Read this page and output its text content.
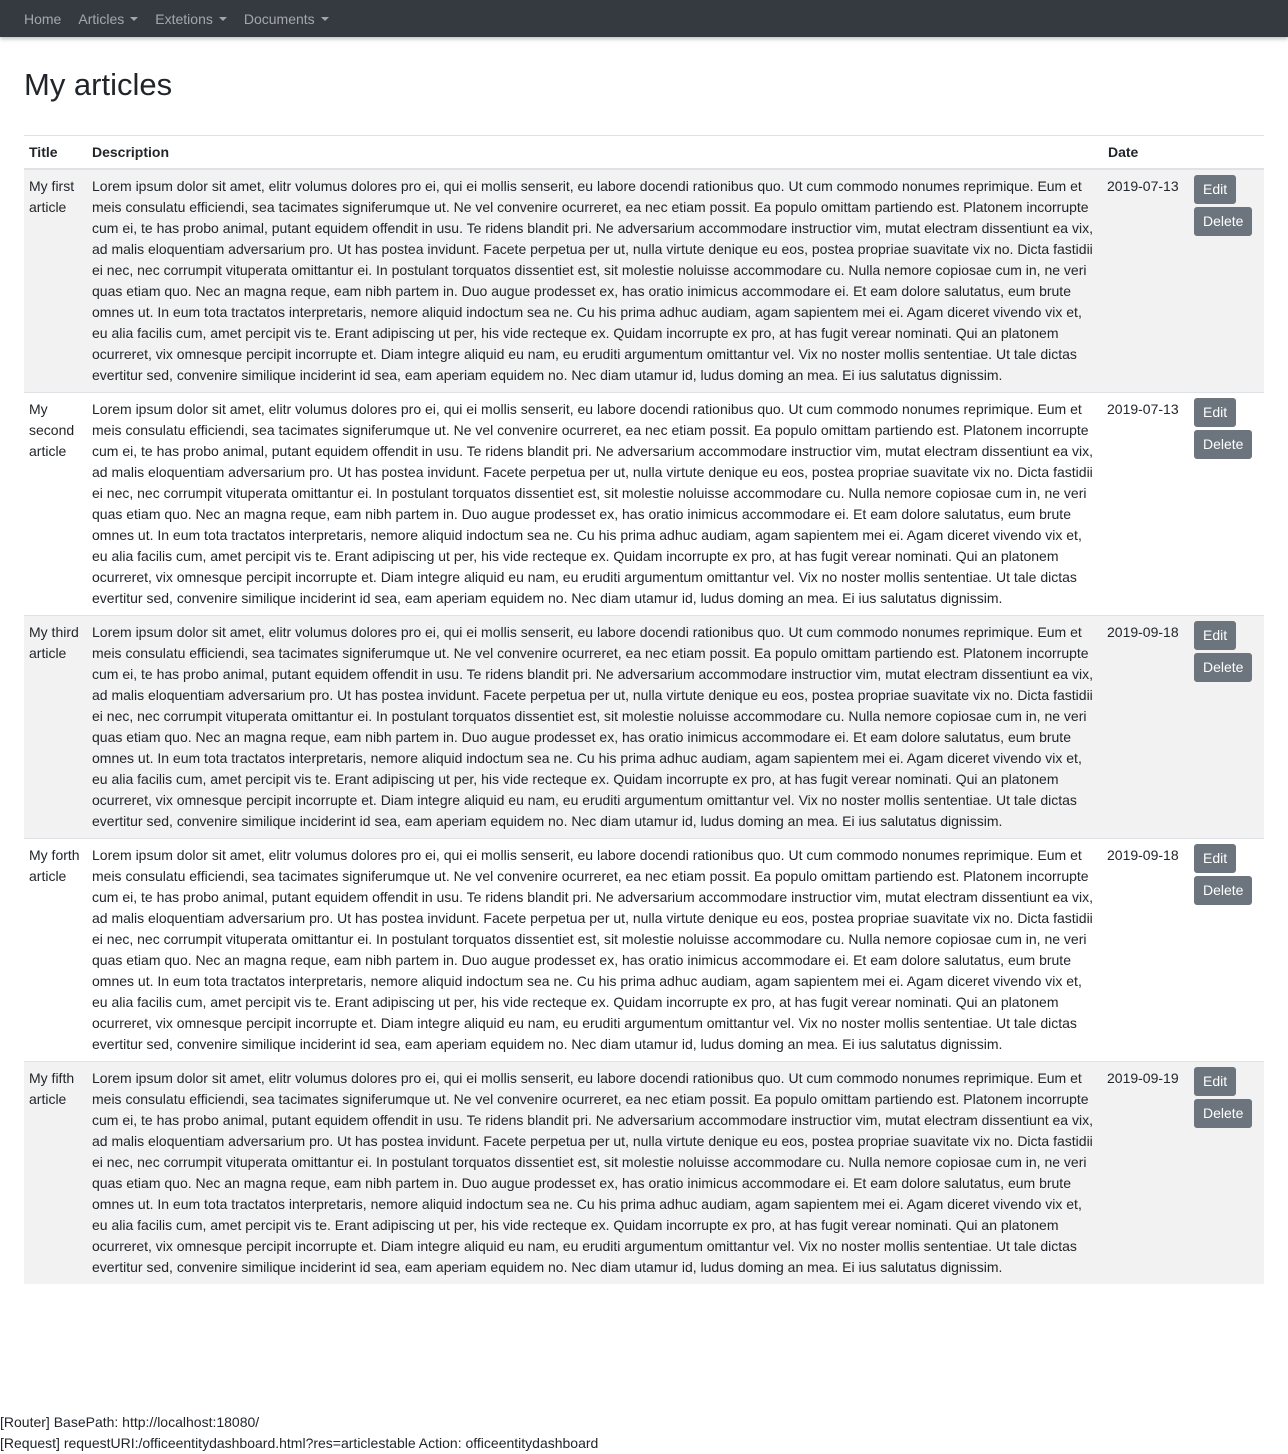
Home Articles Extetions Documents
My articles
Title	Description	Date	
My first article	Lorem ipsum dolor sit amet, elitr volumus dolores pro ei, qui ei mollis senserit, eu labore docendi rationibus quo. Ut cum commodo nonumes reprimique. Eum et meis consulatu efficiendi, sea tacimates signiferumque ut. Ne vel convenire ocurreret, ea nec etiam possit. Ea populo omittam partiendo est. Platonem incorrupte cum ei, te has probo animal, putant equidem offendit in usu. Te ridens blandit pri. Ne adversarium accommodare instructior vim, mutat electram dissentiunt ea vix, ad malis eloquentiam adversarium pro. Ut has postea invidunt. Facete perpetua per ut, nulla virtute denique eu eos, postea propriae suavitate vix no. Dicta fastidii ei nec, nec corrumpit vituperata omittantur ei. In postulant torquatos dissentiet est, sit molestie noluisse accommodare cu. Nulla nemore copiosae cum in, ne veri quas etiam quo. Nec an magna reque, eam nibh partem in. Duo augue prodesset ex, has oratio inimicus accommodare ei. Et eam dolore salutatus, eum brute omnes ut. In eum tota tractatos interpretaris, nemore aliquid indoctum sea ne. Cu his prima adhuc audiam, agam sapientem mei ei. Agam diceret vivendo vix et, eu alia facilis cum, amet percipit vis te. Erant adipiscing ut per, his vide recteque ex. Quidam incorrupte ex pro, at has fugit verear nominati. Qui an platonem ocurreret, vix omnesque percipit incorrupte et. Diam integre aliquid eu nam, eu eruditi argumentum omittantur vel. Vix no noster mollis sententiae. Ut tale dictas evertitur sed, convenire similique inciderint id sea, eam aperiam equidem no. Nec diam utamur id, ludus doming an mea. Ei ius salutatus dignissim.	2019-07-13	Edit
Delete

My second article	Lorem ipsum dolor sit amet, elitr volumus dolores pro ei, qui ei mollis senserit, eu labore docendi rationibus quo. Ut cum commodo nonumes reprimique. Eum et meis consulatu efficiendi, sea tacimates signiferumque ut. Ne vel convenire ocurreret, ea nec etiam possit. Ea populo omittam partiendo est. Platonem incorrupte cum ei, te has probo animal, putant equidem offendit in usu. Te ridens blandit pri. Ne adversarium accommodare instructior vim, mutat electram dissentiunt ea vix, ad malis eloquentiam adversarium pro. Ut has postea invidunt. Facete perpetua per ut, nulla virtute denique eu eos, postea propriae suavitate vix no. Dicta fastidii ei nec, nec corrumpit vituperata omittantur ei. In postulant torquatos dissentiet est, sit molestie noluisse accommodare cu. Nulla nemore copiosae cum in, ne veri quas etiam quo. Nec an magna reque, eam nibh partem in. Duo augue prodesset ex, has oratio inimicus accommodare ei. Et eam dolore salutatus, eum brute omnes ut. In eum tota tractatos interpretaris, nemore aliquid indoctum sea ne. Cu his prima adhuc audiam, agam sapientem mei ei. Agam diceret vivendo vix et, eu alia facilis cum, amet percipit vis te. Erant adipiscing ut per, his vide recteque ex. Quidam incorrupte ex pro, at has fugit verear nominati. Qui an platonem ocurreret, vix omnesque percipit incorrupte et. Diam integre aliquid eu nam, eu eruditi argumentum omittantur vel. Vix no noster mollis sententiae. Ut tale dictas evertitur sed, convenire similique inciderint id sea, eam aperiam equidem no. Nec diam utamur id, ludus doming an mea. Ei ius salutatus dignissim.	2019-07-13	Edit
Delete

My third article	Lorem ipsum dolor sit amet, elitr volumus dolores pro ei, qui ei mollis senserit, eu labore docendi rationibus quo. Ut cum commodo nonumes reprimique. Eum et meis consulatu efficiendi, sea tacimates signiferumque ut. Ne vel convenire ocurreret, ea nec etiam possit. Ea populo omittam partiendo est. Platonem incorrupte cum ei, te has probo animal, putant equidem offendit in usu. Te ridens blandit pri. Ne adversarium accommodare instructior vim, mutat electram dissentiunt ea vix, ad malis eloquentiam adversarium pro. Ut has postea invidunt. Facete perpetua per ut, nulla virtute denique eu eos, postea propriae suavitate vix no. Dicta fastidii ei nec, nec corrumpit vituperata omittantur ei. In postulant torquatos dissentiet est, sit molestie noluisse accommodare cu. Nulla nemore copiosae cum in, ne veri quas etiam quo. Nec an magna reque, eam nibh partem in. Duo augue prodesset ex, has oratio inimicus accommodare ei. Et eam dolore salutatus, eum brute omnes ut. In eum tota tractatos interpretaris, nemore aliquid indoctum sea ne. Cu his prima adhuc audiam, agam sapientem mei ei. Agam diceret vivendo vix et, eu alia facilis cum, amet percipit vis te. Erant adipiscing ut per, his vide recteque ex. Quidam incorrupte ex pro, at has fugit verear nominati. Qui an platonem ocurreret, vix omnesque percipit incorrupte et. Diam integre aliquid eu nam, eu eruditi argumentum omittantur vel. Vix no noster mollis sententiae. Ut tale dictas evertitur sed, convenire similique inciderint id sea, eam aperiam equidem no. Nec diam utamur id, ludus doming an mea. Ei ius salutatus dignissim.	2019-09-18	Edit
Delete

My forth article	Lorem ipsum dolor sit amet, elitr volumus dolores pro ei, qui ei mollis senserit, eu labore docendi rationibus quo. Ut cum commodo nonumes reprimique. Eum et meis consulatu efficiendi, sea tacimates signiferumque ut. Ne vel convenire ocurreret, ea nec etiam possit. Ea populo omittam partiendo est. Platonem incorrupte cum ei, te has probo animal, putant equidem offendit in usu. Te ridens blandit pri. Ne adversarium accommodare instructior vim, mutat electram dissentiunt ea vix, ad malis eloquentiam adversarium pro. Ut has postea invidunt. Facete perpetua per ut, nulla virtute denique eu eos, postea propriae suavitate vix no. Dicta fastidii ei nec, nec corrumpit vituperata omittantur ei. In postulant torquatos dissentiet est, sit molestie noluisse accommodare cu. Nulla nemore copiosae cum in, ne veri quas etiam quo. Nec an magna reque, eam nibh partem in. Duo augue prodesset ex, has oratio inimicus accommodare ei. Et eam dolore salutatus, eum brute omnes ut. In eum tota tractatos interpretaris, nemore aliquid indoctum sea ne. Cu his prima adhuc audiam, agam sapientem mei ei. Agam diceret vivendo vix et, eu alia facilis cum, amet percipit vis te. Erant adipiscing ut per, his vide recteque ex. Quidam incorrupte ex pro, at has fugit verear nominati. Qui an platonem ocurreret, vix omnesque percipit incorrupte et. Diam integre aliquid eu nam, eu eruditi argumentum omittantur vel. Vix no noster mollis sententiae. Ut tale dictas evertitur sed, convenire similique inciderint id sea, eam aperiam equidem no. Nec diam utamur id, ludus doming an mea. Ei ius salutatus dignissim.	2019-09-18	Edit
Delete

My fifth article	Lorem ipsum dolor sit amet, elitr volumus dolores pro ei, qui ei mollis senserit, eu labore docendi rationibus quo. Ut cum commodo nonumes reprimique. Eum et meis consulatu efficiendi, sea tacimates signiferumque ut. Ne vel convenire ocurreret, ea nec etiam possit. Ea populo omittam partiendo est. Platonem incorrupte cum ei, te has probo animal, putant equidem offendit in usu. Te ridens blandit pri. Ne adversarium accommodare instructior vim, mutat electram dissentiunt ea vix, ad malis eloquentiam adversarium pro. Ut has postea invidunt. Facete perpetua per ut, nulla virtute denique eu eos, postea propriae suavitate vix no. Dicta fastidii ei nec, nec corrumpit vituperata omittantur ei. In postulant torquatos dissentiet est, sit molestie noluisse accommodare cu. Nulla nemore copiosae cum in, ne veri quas etiam quo. Nec an magna reque, eam nibh partem in. Duo augue prodesset ex, has oratio inimicus accommodare ei. Et eam dolore salutatus, eum brute omnes ut. In eum tota tractatos interpretaris, nemore aliquid indoctum sea ne. Cu his prima adhuc audiam, agam sapientem mei ei. Agam diceret vivendo vix et, eu alia facilis cum, amet percipit vis te. Erant adipiscing ut per, his vide recteque ex. Quidam incorrupte ex pro, at has fugit verear nominati. Qui an platonem ocurreret, vix omnesque percipit incorrupte et. Diam integre aliquid eu nam, eu eruditi argumentum omittantur vel. Vix no noster mollis sententiae. Ut tale dictas evertitur sed, convenire similique inciderint id sea, eam aperiam equidem no. Nec diam utamur id, ludus doming an mea. Ei ius salutatus dignissim.	2019-09-19	Edit
Delete
[Router] BasePath: http://localhost:18080/
[Request] requestURI:/officeentitydashboard.html?res=articlestable Action: officeentitydashboard
